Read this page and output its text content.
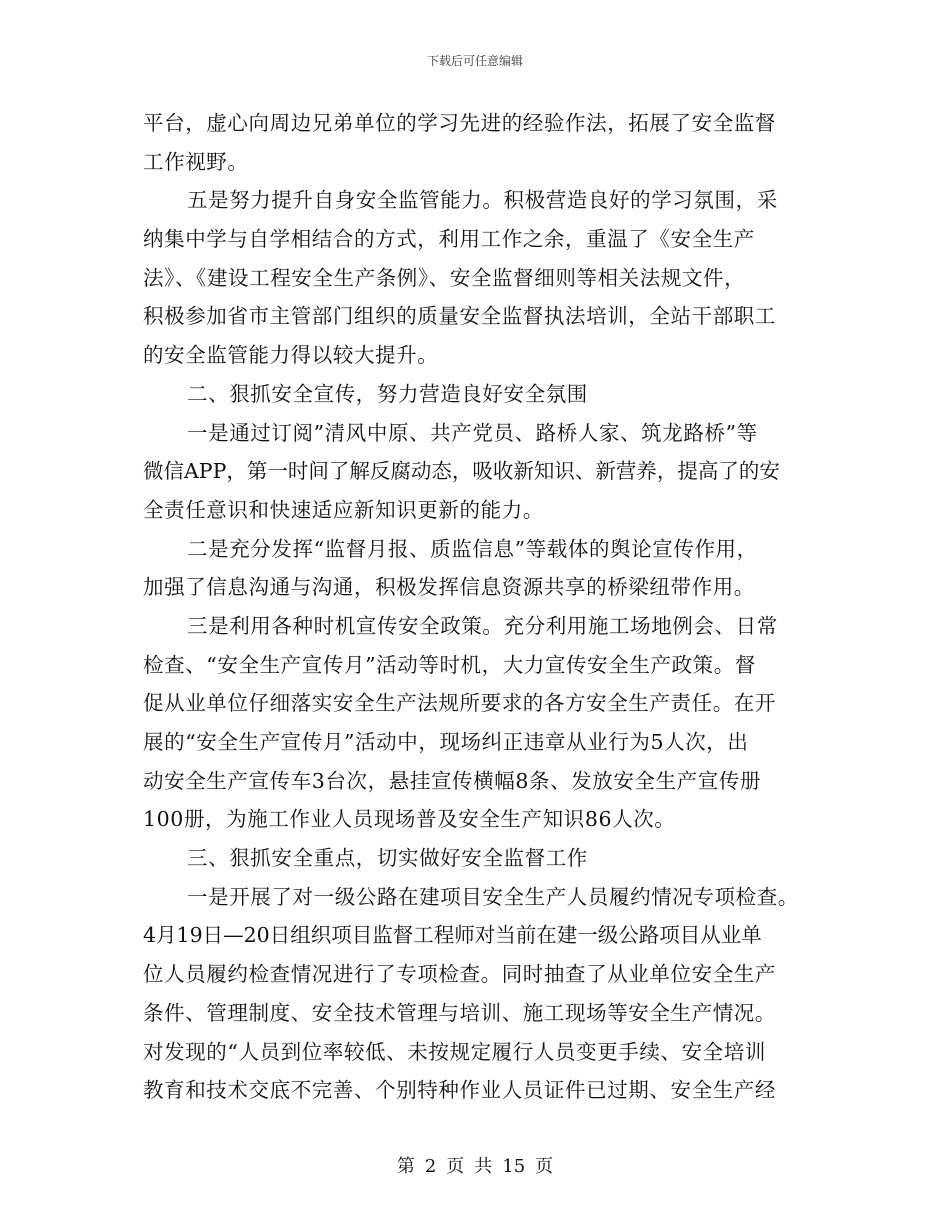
下载后可任意编辑
平台，虚心向周边兄弟单位的学习先进的经验作法，拓展了安全监督
工作视野。
五是努力提升自身安全监管能力。积极营造良好的学习氛围，采
纳集中学与自学相结合的方式，利用工作之余，重温了《安全生产
法》、《建设工程安全生产条例》、安全监督细则等相关法规文件，
积极参加省市主管部门组织的质量安全监督执法培训，全站干部职工
的安全监管能力得以较大提升。
二、狠抓安全宣传，努力营造良好安全氛围
一是通过订阅”清风中原、共产党员、路桥人家、筑龙路桥”等
微信APP，第一时间了解反腐动态，吸收新知识、新营养，提高了的安
全责任意识和快速适应新知识更新的能力。
二是充分发挥“监督月报、质监信息”等载体的舆论宣传作用，
加强了信息沟通与沟通，积极发挥信息资源共享的桥梁纽带作用。
三是利用各种时机宣传安全政策。充分利用施工场地例会、日常
检查、“安全生产宣传月”活动等时机，大力宣传安全生产政策。督
促从业单位仔细落实安全生产法规所要求的各方安全生产责任。在开
展的“安全生产宣传月”活动中，现场纠正违章从业行为5人次，出
动安全生产宣传车3台次，悬挂宣传横幅8条、发放安全生产宣传册
100册，为施工作业人员现场普及安全生产知识86人次。
三、狠抓安全重点，切实做好安全监督工作
一是开展了对一级公路在建项目安全生产人员履约情况专项检查。
4月19日—20日组织项目监督工程师对当前在建一级公路项目从业单
位人员履约检查情况进行了专项检查。同时抽查了从业单位安全生产
条件、管理制度、安全技术管理与培训、施工现场等安全生产情况。
对发现的“人员到位率较低、未按规定履行人员变更手续、安全培训
教育和技术交底不完善、个别特种作业人员证件已过期、安全生产经
第 2 页 共 15 页
